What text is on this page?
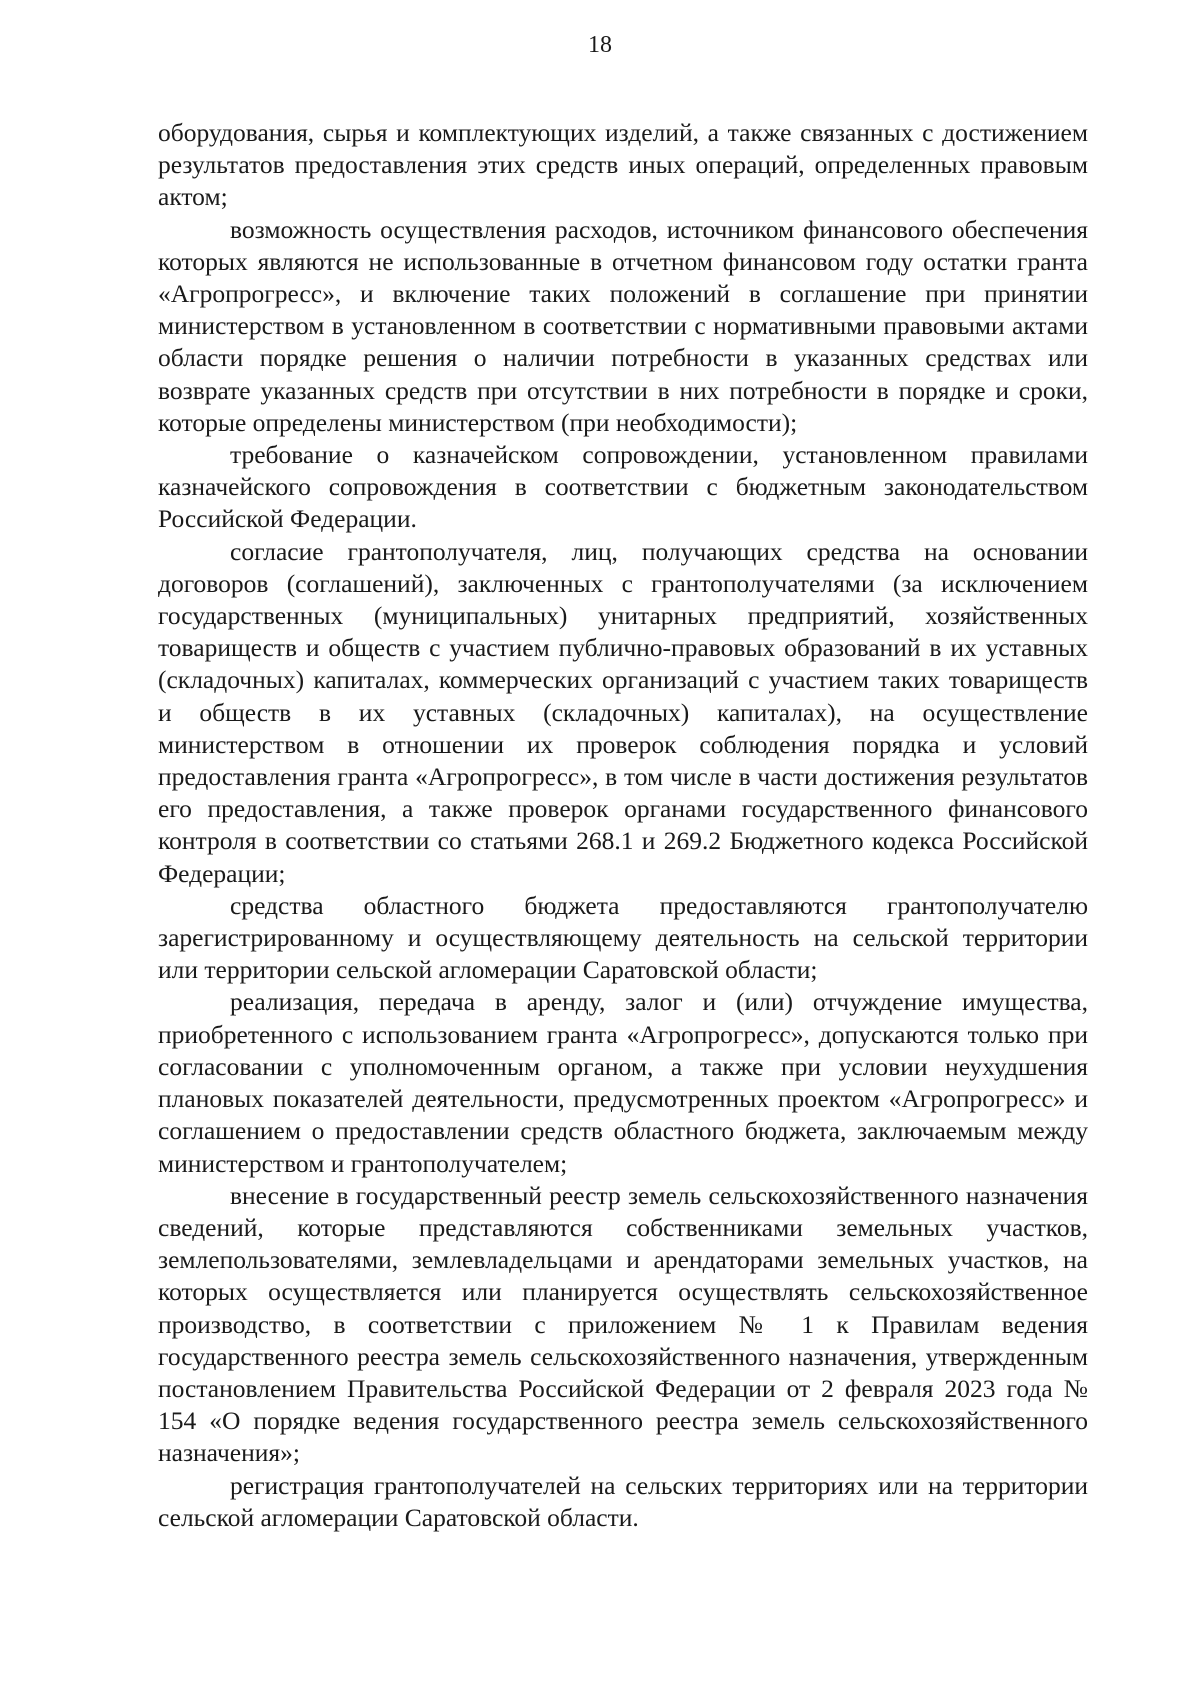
18

оборудования, сырья и комплектующих изделий, а также связанных с достижением результатов предоставления этих средств иных операций, определенных правовым актом;

возможность осуществления расходов, источником финансового обеспечения которых являются не использованные в отчетном финансовом году остатки гранта «Агропрогресс», и включение таких положений в соглашение при принятии министерством в установленном в соответствии с нормативными правовыми актами области порядке решения о наличии потребности в указанных средствах или возврате указанных средств при отсутствии в них потребности в порядке и сроки, которые определены министерством (при необходимости);

требование о казначейском сопровождении, установленном правилами казначейского сопровождения в соответствии с бюджетным законодательством Российской Федерации.

согласие грантополучателя, лиц, получающих средства на основании договоров (соглашений), заключенных с грантополучателями (за исключением государственных (муниципальных) унитарных предприятий, хозяйственных товариществ и обществ с участием публично-правовых образований в их уставных (складочных) капиталах, коммерческих организаций с участием таких товариществ и обществ в их уставных (складочных) капиталах), на осуществление министерством в отношении их проверок соблюдения порядка и условий предоставления гранта «Агропрогресс», в том числе в части достижения результатов его предоставления, а также проверок органами государственного финансового контроля в соответствии со статьями 268.1 и 269.2 Бюджетного кодекса Российской Федерации;

средства областного бюджета предоставляются грантополучателю зарегистрированному и осуществляющему деятельность на сельской территории или территории сельской агломерации Саратовской области;

реализация, передача в аренду, залог и (или) отчуждение имущества, приобретенного с использованием гранта «Агропрогресс», допускаются только при согласовании с уполномоченным органом, а также при условии неухудшения плановых показателей деятельности, предусмотренных проектом «Агропрогресс» и соглашением о предоставлении средств областного бюджета, заключаемым между министерством и грантополучателем;

внесение в государственный реестр земель сельскохозяйственного назначения сведений, которые представляются собственниками земельных участков, землепользователями, землевладельцами и арендаторами земельных участков, на которых осуществляется или планируется осуществлять сельскохозяйственное производство, в соответствии с приложением № 1 к Правилам ведения государственного реестра земель сельскохозяйственного назначения, утвержденным постановлением Правительства Российской Федерации от 2 февраля 2023 года № 154 «О порядке ведения государственного реестра земель сельскохозяйственного назначения»;

регистрация грантополучателей на сельских территориях или на территории сельской агломерации Саратовской области.
